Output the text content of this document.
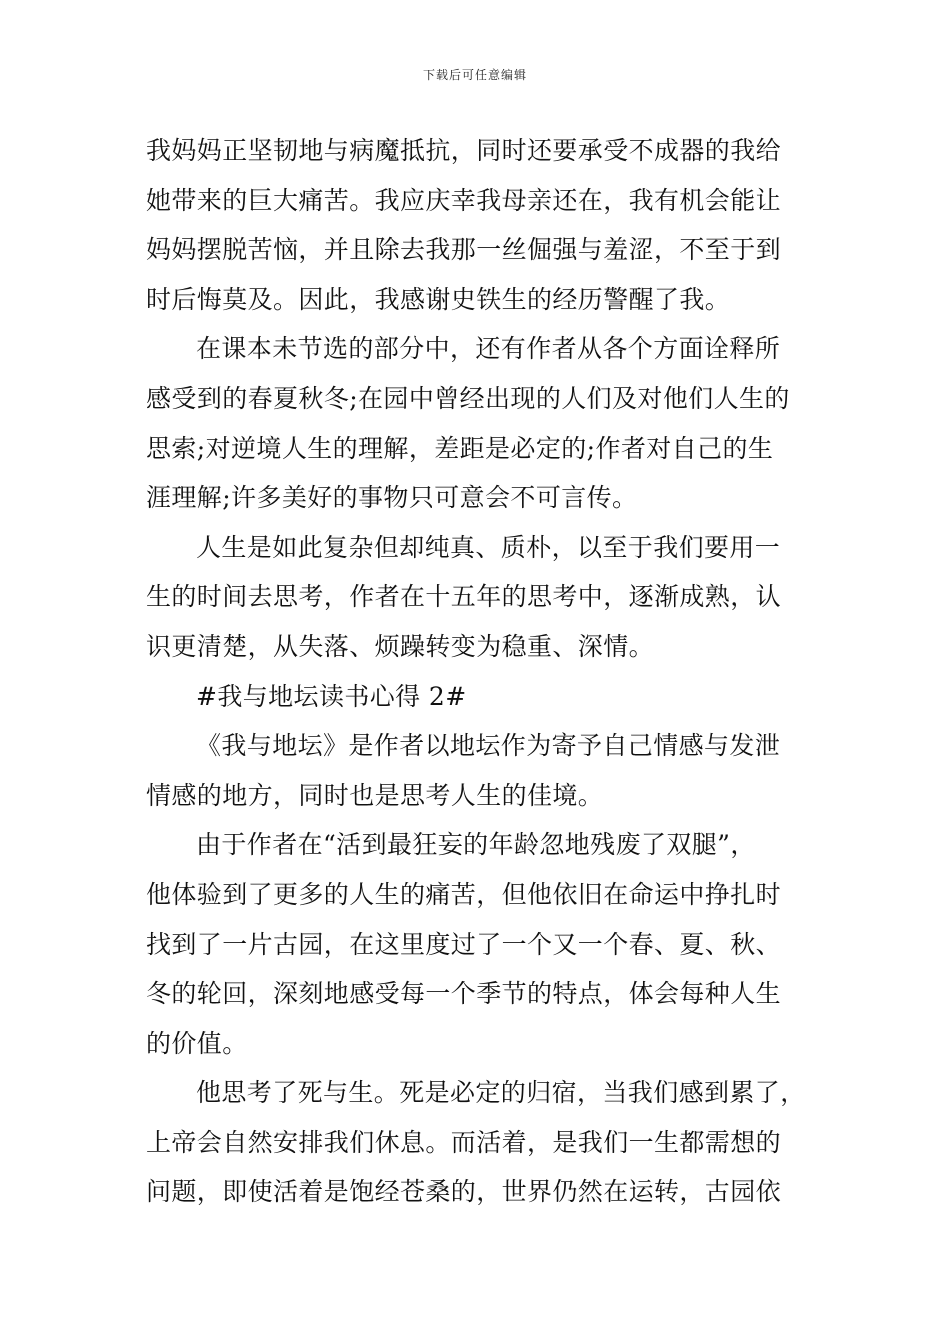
下载后可任意编辑
我妈妈正坚韧地与病魔抵抗，同时还要承受不成器的我给
她带来的巨大痛苦。我应庆幸我母亲还在，我有机会能让
妈妈摆脱苦恼，并且除去我那一丝倔强与羞涩，不至于到
时后悔莫及。因此，我感谢史铁生的经历警醒了我。
在课本未节选的部分中，还有作者从各个方面诠释所
感受到的春夏秋冬;在园中曾经出现的人们及对他们人生的
思索;对逆境人生的理解，差距是必定的;作者对自己的生
涯理解;许多美好的事物只可意会不可言传。
人生是如此复杂但却纯真、质朴，以至于我们要用一
生的时间去思考，作者在十五年的思考中，逐渐成熟，认
识更清楚，从失落、烦躁转变为稳重、深情。
#我与地坛读书心得 2#
《我与地坛》是作者以地坛作为寄予自己情感与发泄
情感的地方，同时也是思考人生的佳境。
由于作者在“活到最狂妄的年龄忽地残废了双腿”，
他体验到了更多的人生的痛苦，但他依旧在命运中挣扎时
找到了一片古园，在这里度过了一个又一个春、夏、秋、
冬的轮回，深刻地感受每一个季节的特点，体会每种人生
的价值。
他思考了死与生。死是必定的归宿，当我们感到累了，
上帝会自然安排我们休息。而活着，是我们一生都需想的
问题，即使活着是饱经苍桑的，世界仍然在运转，古园依
